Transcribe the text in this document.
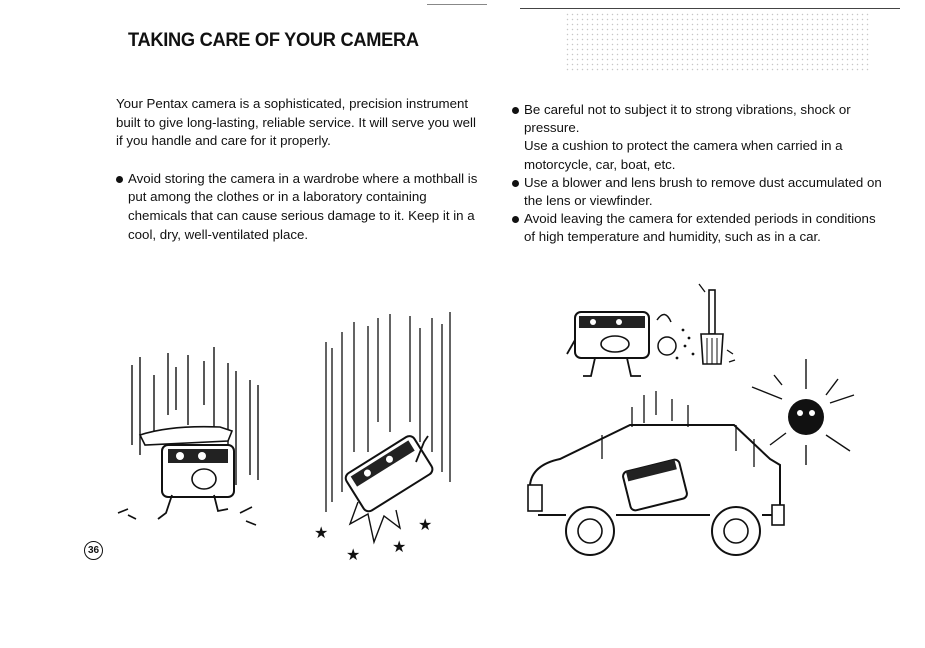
TAKING CARE OF YOUR CAMERA

Your Pentax camera is a sophisticated, precision instrument built to give long-lasting, reliable service. It will serve you well if you handle and care for it properly.

Avoid storing the camera in a wardrobe where a mothball is put among the clothes or in a laboratory containing chemicals that can cause serious damage to it. Keep it in a cool, dry, well-ventilated place.

Be careful not to subject it to strong vibrations, shock or pressure.

Use a cushion to protect the camera when carried in a motorcycle, car, boat, etc.

Use a blower and lens brush to remove dust accumulated on the lens or viewfinder.

Avoid leaving the camera for extended periods in conditions of high temperature and humidity, such as in a car.

★
★ ★
★
36
